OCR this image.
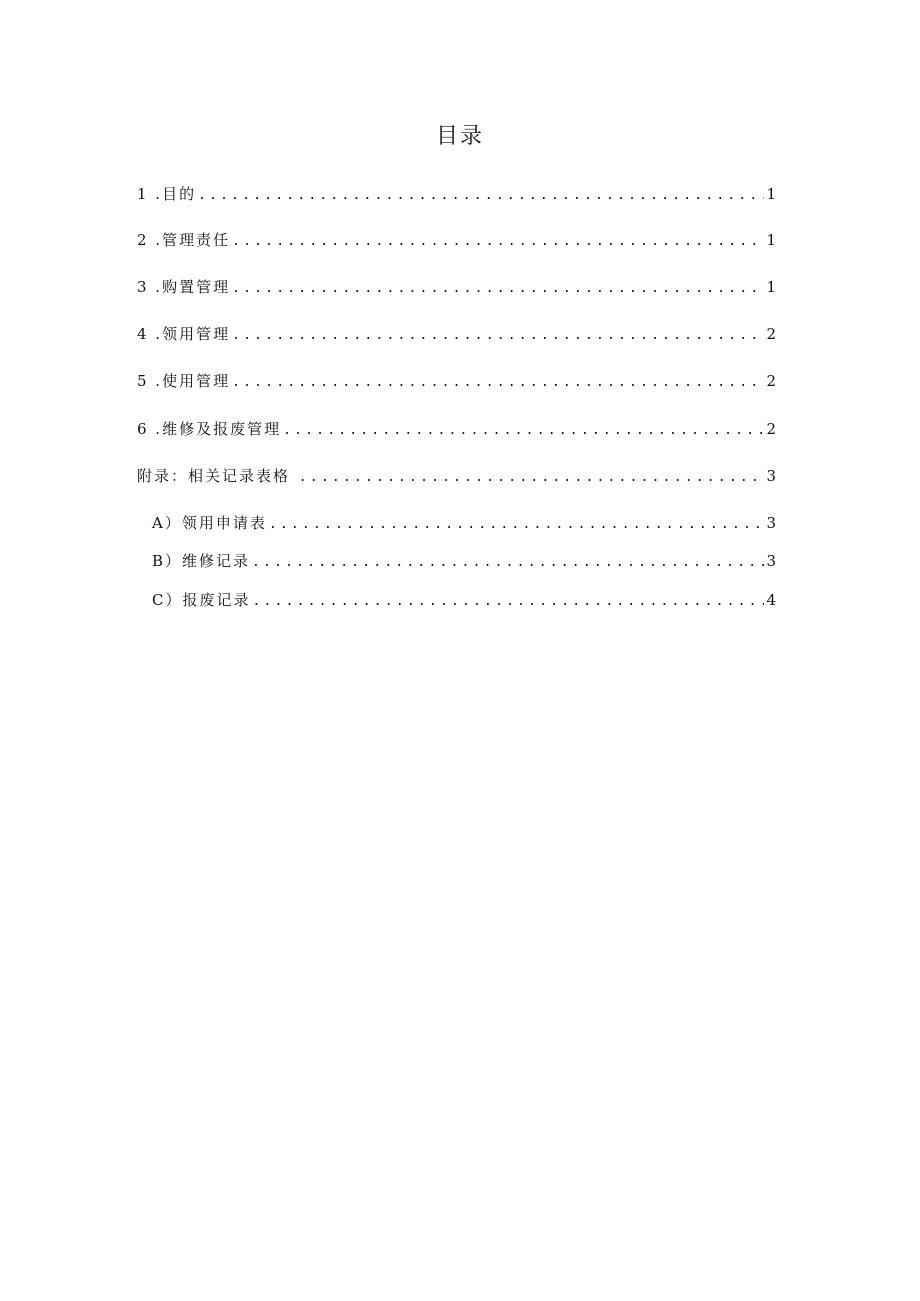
目录
1 .目的 .....	1
2 .管理责任 .....	1
3 .购置管理 .....	1
4 .领用管理 .....	2
5 .使用管理 .....	2
6 .维修及报废管理 .....	2
附录：相关记录表格 .....	3
A）领用申请表 .....	3
B）维修记录 .....	3
C）报废记录 .....	4
